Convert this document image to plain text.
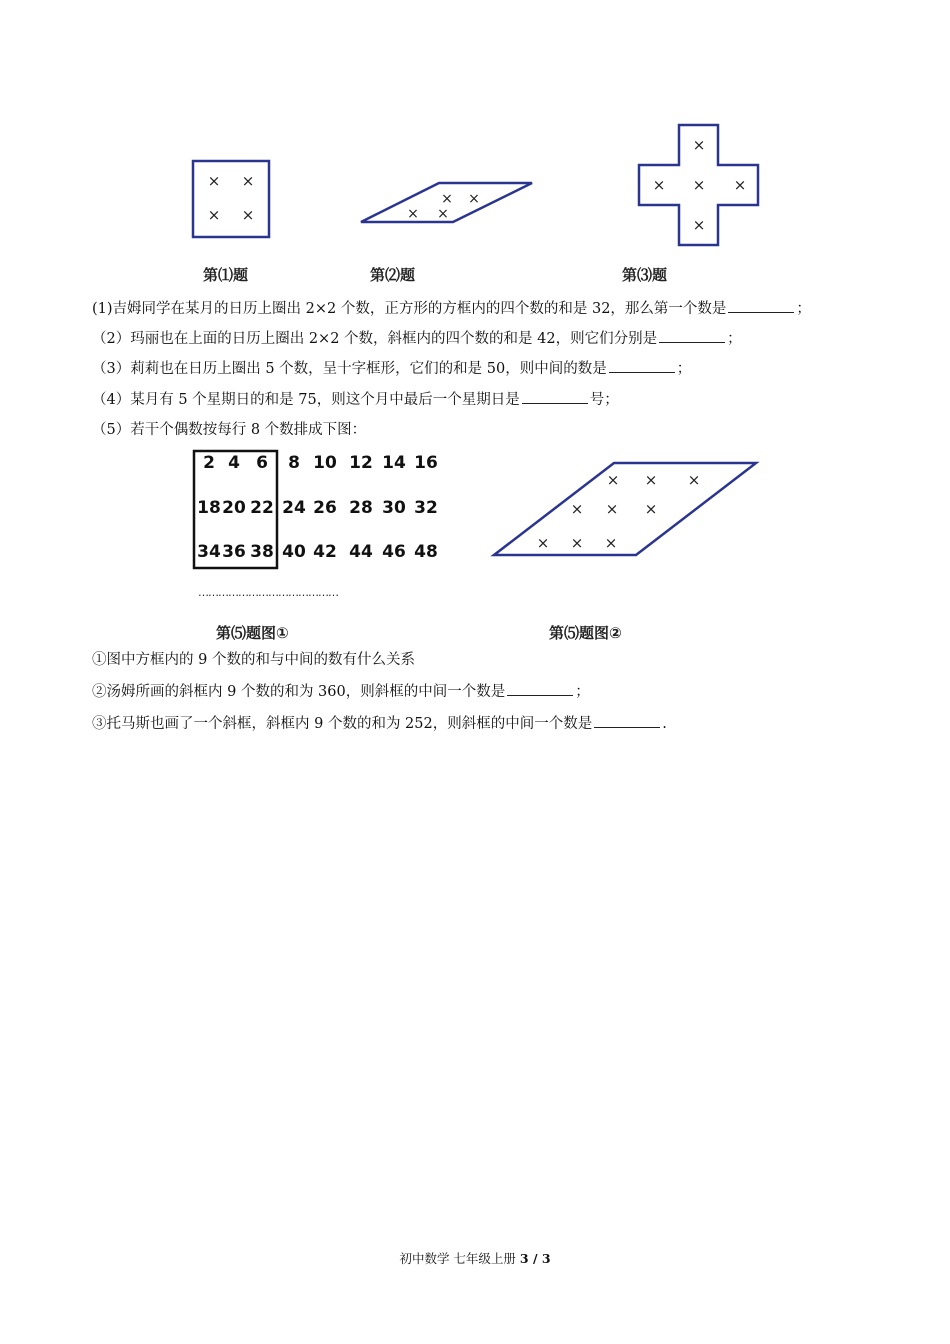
× ×
× ×
× ×
× ×
×
× × ×
×
第⑴题	第⑵题	第⑶题
(1)吉姆同学在某月的日历上圈出 2×2 个数，正方形的方框内的四个数的和是 32，那么第一个数是	；
（2）玛丽也在上面的日历上圈出 2×2 个数，斜框内的四个数的和是 42，则它们分别是	；
（3）莉莉也在日历上圈出 5 个数，呈十字框形，它们的和是 50，则中间的数是	；
（4）某月有 5 个星期日的和是 75，则这个月中最后一个星期日是	号；
（5）若干个偶数按每行 8 个数排成下图：
2 4 6 8 10 12 14 16
18 20 22 24 26 28 30 32
34 36 38 40 42 44 46 48
……………………………………
× × ×
× × ×
× × ×
第⑸题图①	第⑸题图②
①图中方框内的 9 个数的和与中间的数有什么关系
②汤姆所画的斜框内 9 个数的和为 360，则斜框的中间一个数是	；
③托马斯也画了一个斜框，斜框内 9 个数的和为 252，则斜框的中间一个数是	.
初中数学 七年级上册 3 / 3
